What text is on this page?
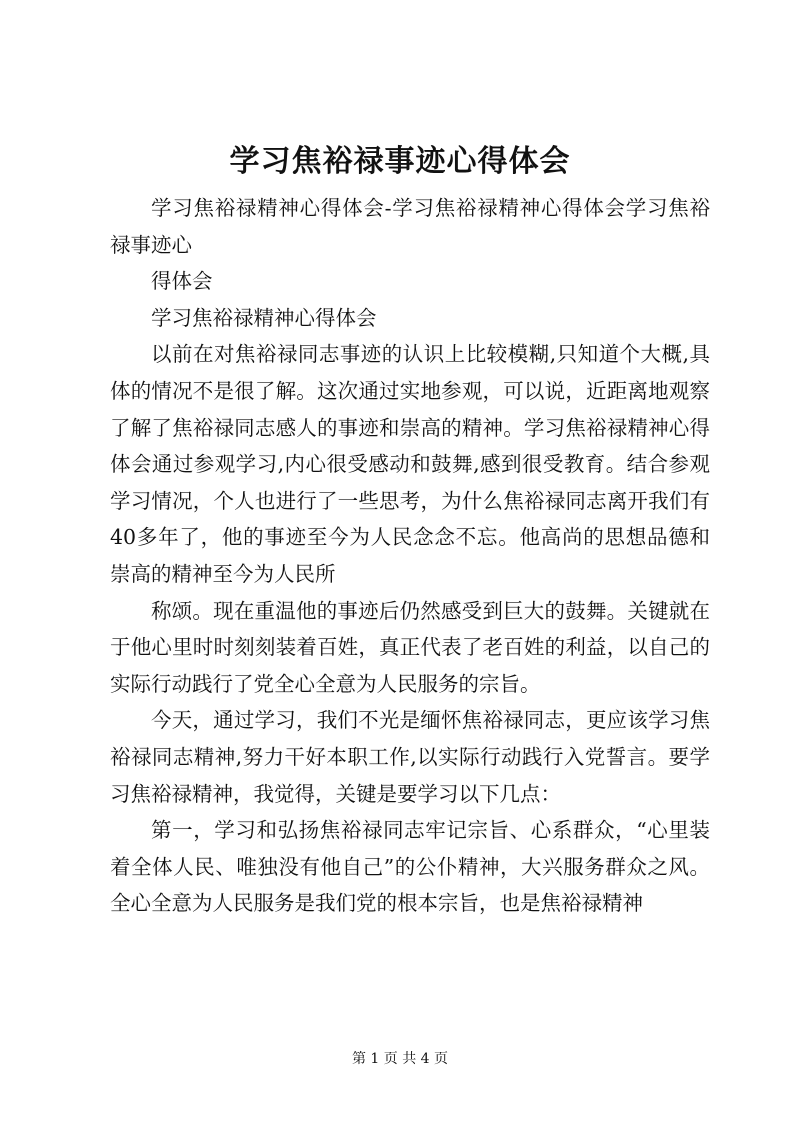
学习焦裕禄事迹心得体会

学习焦裕禄精神心得体会-学习焦裕禄精神心得体会学习焦裕禄事迹心

得体会

学习焦裕禄精神心得体会

以前在对焦裕禄同志事迹的认识上比较模糊,只知道个大概,具体的情况不是很了解。这次通过实地参观，可以说，近距离地观察了解了焦裕禄同志感人的事迹和崇高的精神。学习焦裕禄精神心得体会通过参观学习,内心很受感动和鼓舞,感到很受教育。结合参观学习情况，个人也进行了一些思考，为什么焦裕禄同志离开我们有40多年了，他的事迹至今为人民念念不忘。他高尚的思想品德和崇高的精神至今为人民所

称颂。现在重温他的事迹后仍然感受到巨大的鼓舞。关键就在于他心里时时刻刻装着百姓，真正代表了老百姓的利益，以自己的实际行动践行了党全心全意为人民服务的宗旨。

今天，通过学习，我们不光是缅怀焦裕禄同志，更应该学习焦裕禄同志精神,努力干好本职工作,以实际行动践行入党誓言。要学习焦裕禄精神，我觉得，关键是要学习以下几点：

第一，学习和弘扬焦裕禄同志牢记宗旨、心系群众，“心里装着全体人民、唯独没有他自己”的公仆精神，大兴服务群众之风。全心全意为人民服务是我们党的根本宗旨，也是焦裕禄精神

第 1 页 共 4 页
